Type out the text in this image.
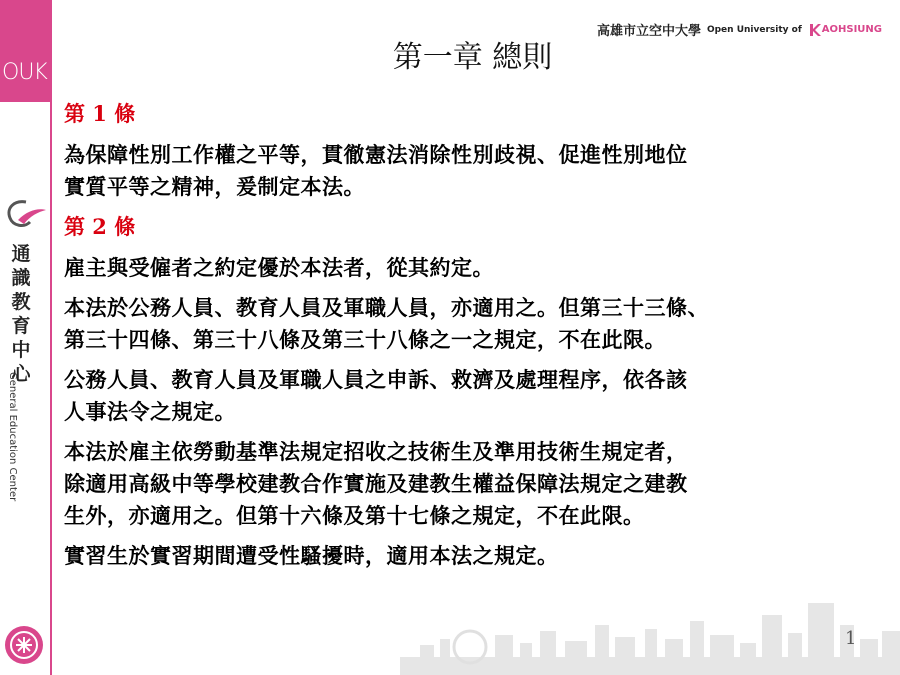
OUK
通
識
教
育
中
心
General Education Center
高雄市立空中大學 Open University of AOHSIUNG
第一章 總則
第 1 條
為保障性別工作權之平等，貫徹憲法消除性別歧視、促進性別地位
實質平等之精神，爰制定本法。
第 2 條
雇主與受僱者之約定優於本法者，從其約定。
本法於公務人員、教育人員及軍職人員，亦適用之。但第三十三條、
第三十四條、第三十八條及第三十八條之一之規定，不在此限。
公務人員、教育人員及軍職人員之申訴、救濟及處理程序，依各該
人事法令之規定。
本法於雇主依勞動基準法規定招收之技術生及準用技術生規定者，
除適用高級中等學校建教合作實施及建教生權益保障法規定之建教
生外，亦適用之。但第十六條及第十七條之規定，不在此限。
實習生於實習期間遭受性騷擾時，適用本法之規定。
1
